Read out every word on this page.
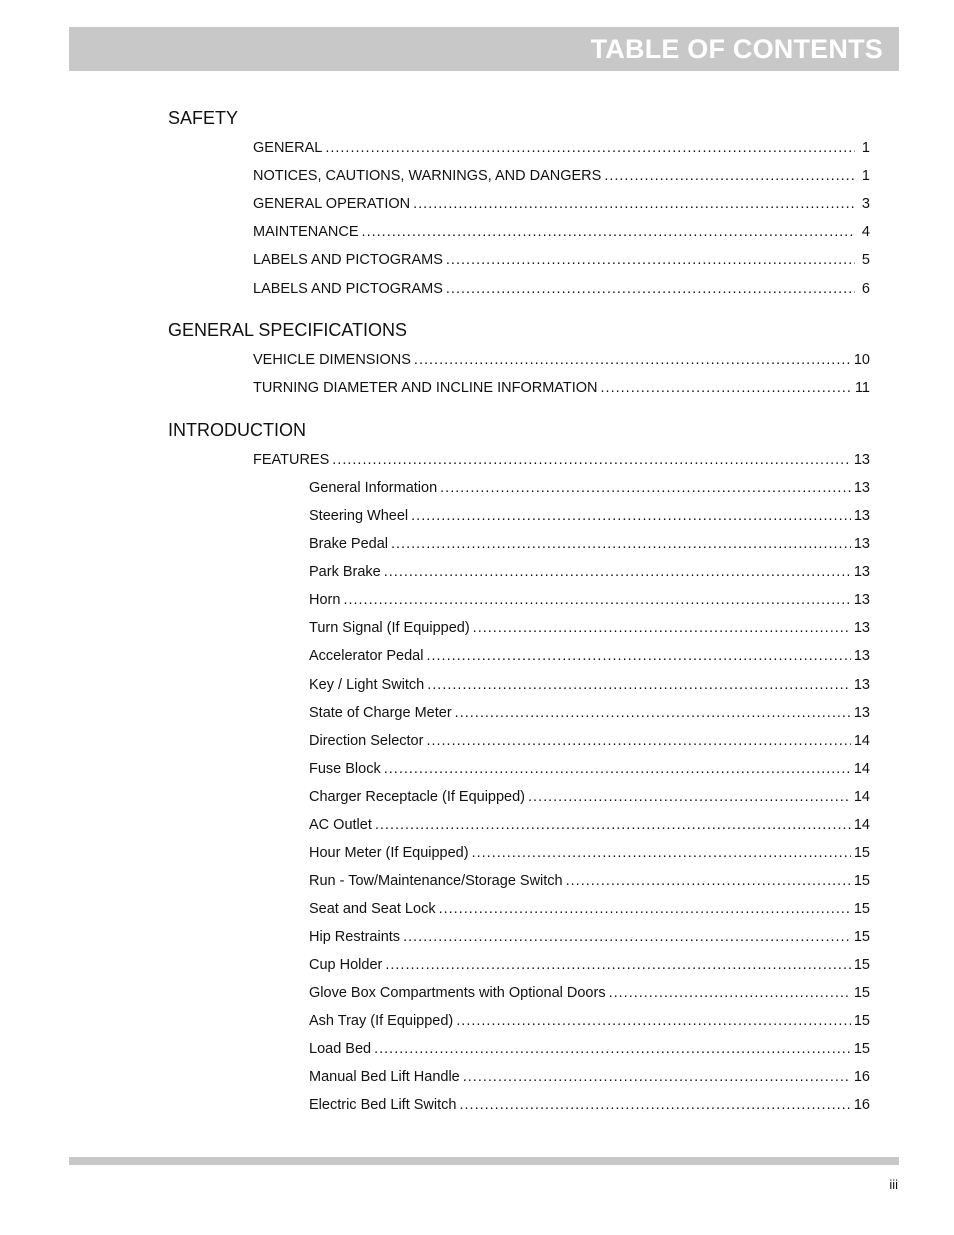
TABLE OF CONTENTS
SAFETY
GENERAL .....	1
NOTICES, CAUTIONS, WARNINGS, AND DANGERS .....	1
GENERAL OPERATION .....	3
MAINTENANCE .....	4
LABELS AND PICTOGRAMS .....	5
LABELS AND PICTOGRAMS .....	6
GENERAL SPECIFICATIONS
VEHICLE DIMENSIONS .....	10
TURNING DIAMETER AND INCLINE INFORMATION .....	11
INTRODUCTION
FEATURES .....	13
General Information .....	13
Steering Wheel .....	13
Brake Pedal .....	13
Park Brake .....	13
Horn .....	13
Turn Signal (If Equipped) .....	13
Accelerator Pedal .....	13
Key / Light Switch .....	13
State of Charge Meter .....	13
Direction Selector .....	14
Fuse Block .....	14
Charger Receptacle (If Equipped) .....	14
AC Outlet .....	14
Hour Meter (If Equipped) .....	15
Run - Tow/Maintenance/Storage Switch .....	15
Seat and Seat Lock .....	15
Hip Restraints .....	15
Cup Holder .....	15
Glove Box Compartments with Optional Doors .....	15
Ash Tray (If Equipped) .....	15
Load Bed .....	15
Manual Bed Lift Handle .....	16
Electric Bed Lift Switch .....	16
iii
